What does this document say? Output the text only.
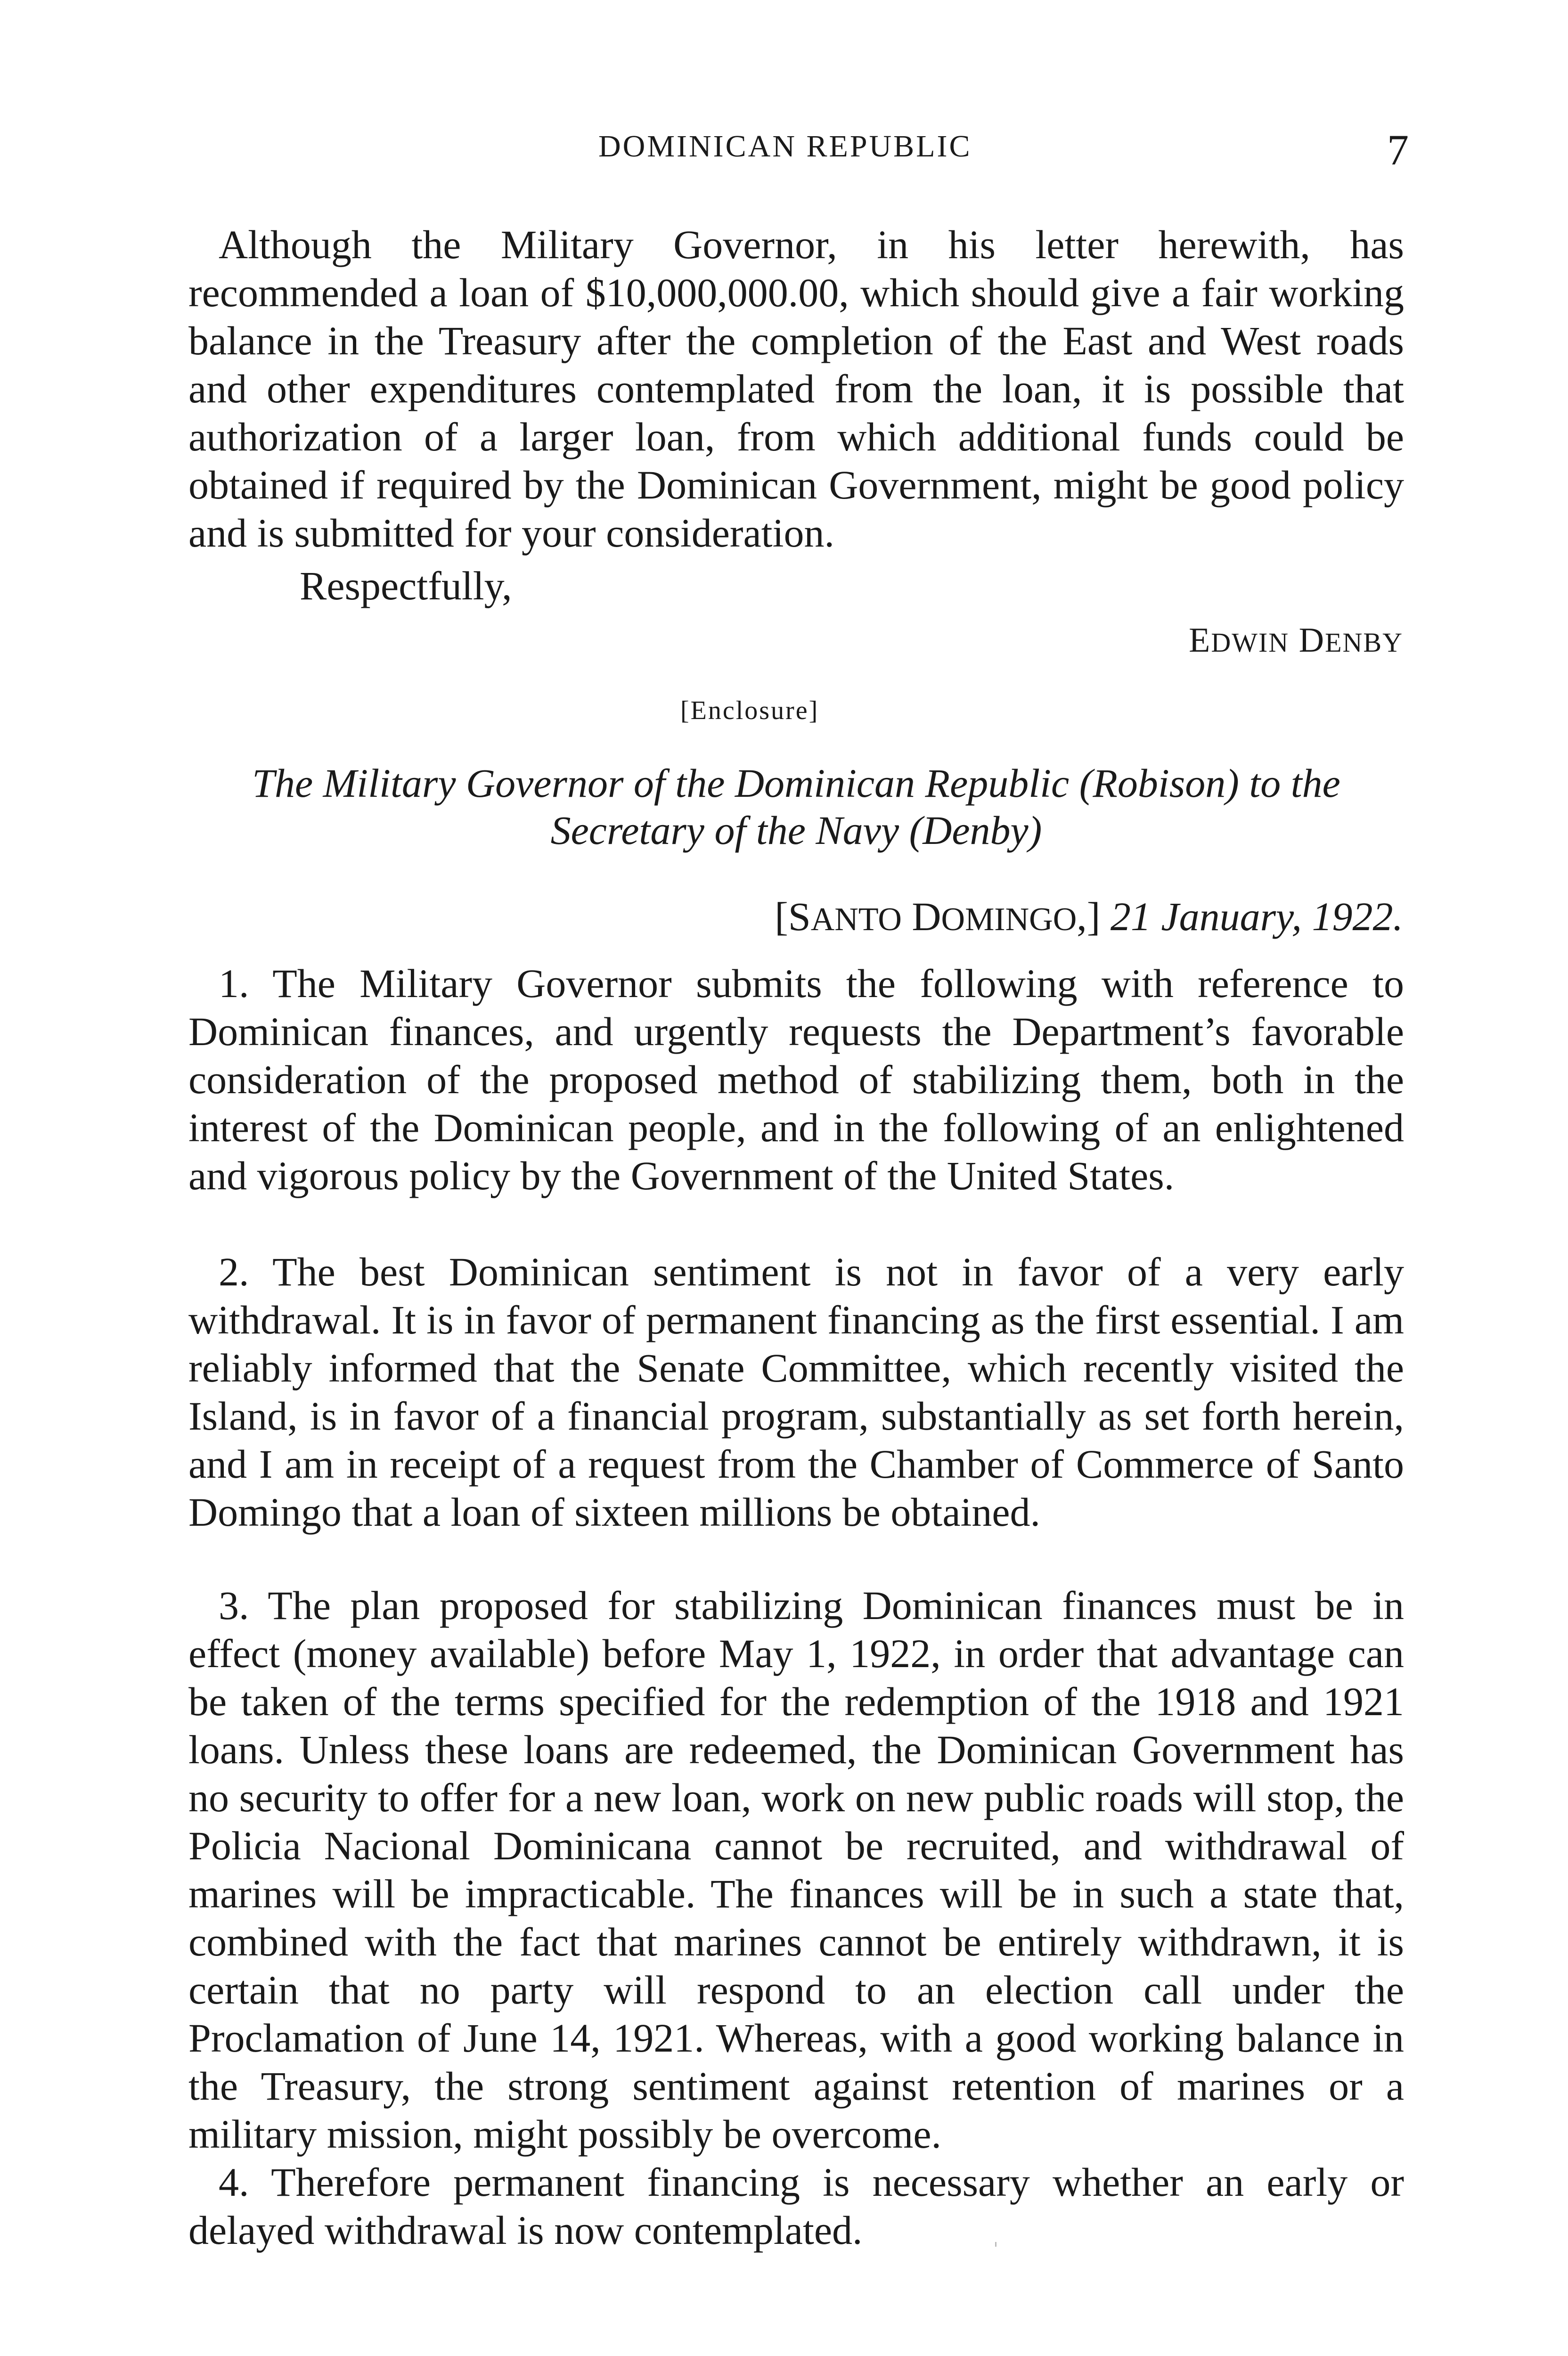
DOMINICAN REPUBLIC	7

Although the Military Governor, in his letter herewith, has recommended a loan of $10,000,000.00, which should give a fair working balance in the Treasury after the completion of the East and West roads and other expenditures contemplated from the loan, it is possible that authorization of a larger loan, from which additional funds could be obtained if required by the Dominican Government, might be good policy and is submitted for your consideration.

Respectfully,
EDWIN DENBY
[Enclosure]
The Military Governor of the Dominican Republic (Robison) to the Secretary of the Navy (Denby)
[SANTO DOMINGO,] 21 January, 1922.

1. The Military Governor submits the following with reference to Dominican finances, and urgently requests the Department’s favorable consideration of the proposed method of stabilizing them, both in the interest of the Dominican people, and in the following of an enlightened and vigorous policy by the Government of the United States.

2. The best Dominican sentiment is not in favor of a very early withdrawal. It is in favor of permanent financing as the first essential. I am reliably informed that the Senate Committee, which recently visited the Island, is in favor of a financial program, substantially as set forth herein, and I am in receipt of a request from the Chamber of Commerce of Santo Domingo that a loan of sixteen millions be obtained.

3. The plan proposed for stabilizing Dominican finances must be in effect (money available) before May 1, 1922, in order that advantage can be taken of the terms specified for the redemption of the 1918 and 1921 loans. Unless these loans are redeemed, the Dominican Government has no security to offer for a new loan, work on new public roads will stop, the Policia Nacional Dominicana cannot be recruited, and withdrawal of marines will be impracticable. The finances will be in such a state that, combined with the fact that marines cannot be entirely withdrawn, it is certain that no party will respond to an election call under the Proclamation of June 14, 1921. Whereas, with a good working balance in the Treasury, the strong sentiment against retention of marines or a military mission, might possibly be overcome.

4. Therefore permanent financing is necessary whether an early or delayed withdrawal is now contemplated.
